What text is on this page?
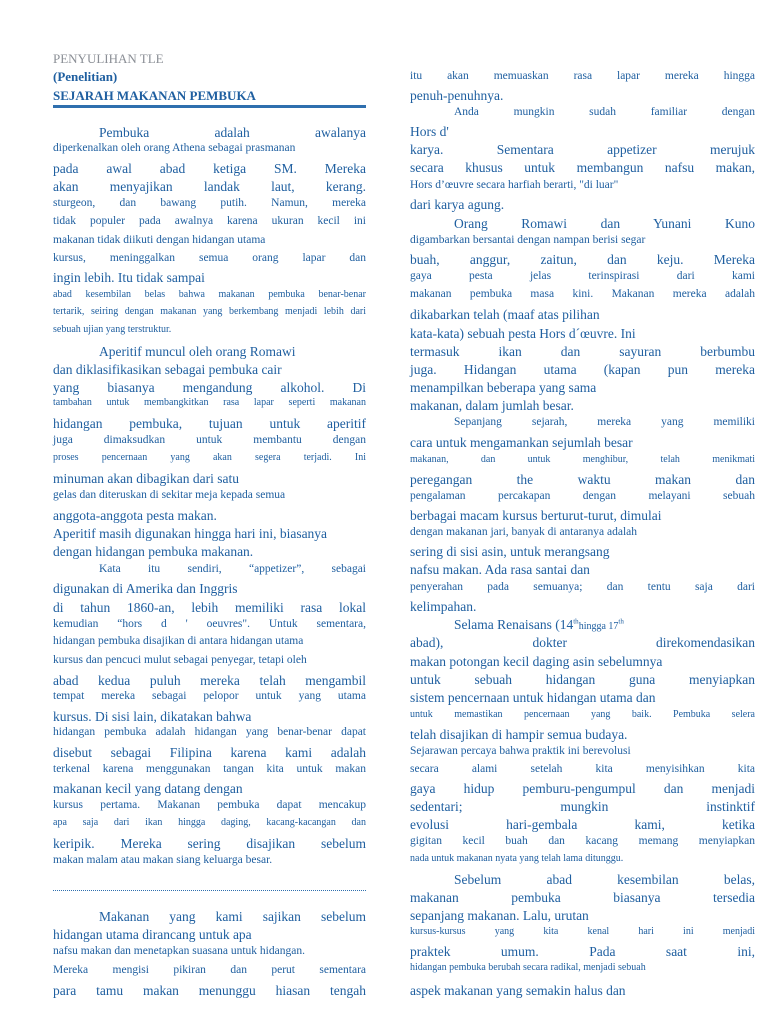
PENYULIHAN TLE
(Penelitian)
SEJARAH MAKANAN PEMBUKA
Pembuka adalah awalanya
diperkenalkan oleh orang Athena sebagai prasmanan
pada awal abad ketiga SM. Mereka
akan menyajikan landak laut, kerang.
sturgeon, dan bawang putih. Namun, mereka
tidak populer pada awalnya karena ukuran kecil ini
makanan tidak diikuti dengan hidangan utama
kursus, meninggalkan semua orang lapar dan
ingin lebih. Itu tidak sampai
abad kesembilan belas bahwa makanan pembuka benar-benar
tertarik, seiring dengan makanan yang berkembang menjadi lebih dari
sebuah ujian yang terstruktur.
Aperitif muncul oleh orang Romawi
dan diklasifikasikan sebagai pembuka cair
yang biasanya mengandung alkohol. Di
tambahan untuk membangkitkan rasa lapar seperti makanan
hidangan pembuka, tujuan untuk aperitif
juga dimaksudkan untuk membantu dengan
proses pencernaan yang akan segera terjadi. Ini
minuman akan dibagikan dari satu
gelas dan diteruskan di sekitar meja kepada semua
anggota-anggota pesta makan.
Aperitif masih digunakan hingga hari ini, biasanya
dengan hidangan pembuka makanan.
Kata itu sendiri, “appetizer”, sebagai
digunakan di Amerika dan Inggris
di tahun 1860-an, lebih memiliki rasa lokal
kemudian “hors d ' oeuvres". Untuk sementara,
hidangan pembuka disajikan di antara hidangan utama
kursus dan pencuci mulut sebagai penyegar, tetapi oleh
abad kedua puluh mereka telah mengambil
tempat mereka sebagai pelopor untuk yang utama
kursus. Di sisi lain, dikatakan bahwa
hidangan pembuka adalah hidangan yang benar-benar dapat
disebut sebagai Filipina karena kami adalah
terkenal karena menggunakan tangan kita untuk makan
makanan kecil yang datang dengan
kursus pertama. Makanan pembuka dapat mencakup
apa saja dari ikan hingga daging, kacang-kacangan dan
keripik. Mereka sering disajikan sebelum
makan malam atau makan siang keluarga besar.
Makanan yang kami sajikan sebelum
hidangan utama dirancang untuk apa
nafsu makan dan menetapkan suasana untuk hidangan.
Mereka mengisi pikiran dan perut sementara
para tamu makan menunggu hiasan tengah
itu akan memuaskan rasa lapar mereka hingga
penuh-penuhnya.
Anda mungkin sudah familiar dengan
Hors d'
karya. Sementara appetizer merujuk
secara khusus untuk membangun nafsu makan,
Hors d’œuvre secara harfiah berarti, "di luar"
dari karya agung.
Orang Romawi dan Yunani Kuno
digambarkan bersantai dengan nampan berisi segar
buah, anggur, zaitun, dan keju. Mereka
gaya pesta jelas terinspirasi dari kami
makanan pembuka masa kini. Makanan mereka adalah
dikabarkan telah (maaf atas pilihan
kata-kata) sebuah pesta Hors d´œuvre. Ini
termasuk ikan dan sayuran berbumbu
juga. Hidangan utama (kapan pun mereka
menampilkan beberapa yang sama
makanan, dalam jumlah besar.
Sepanjang sejarah, mereka yang memiliki
cara untuk mengamankan sejumlah besar
makanan, dan untuk menghibur, telah menikmati
peregangan the waktu makan dan
pengalaman percakapan dengan melayani sebuah
berbagai macam kursus berturut-turut, dimulai
dengan makanan jari, banyak di antaranya adalah
sering di sisi asin, untuk merangsang
nafsu makan. Ada rasa santai dan
penyerahan pada semuanya; dan tentu saja dari
kelimpahan.
Selama Renaisans (14thhingga 17th
abad), dokter direkomendasikan
makan potongan kecil daging asin sebelumnya
untuk sebuah hidangan guna menyiapkan
sistem pencernaan untuk hidangan utama dan
untuk memastikan pencernaan yang baik. Pembuka selera
telah disajikan di hampir semua budaya.
Sejarawan percaya bahwa praktik ini berevolusi
secara alami setelah kita menyisihkan kita
gaya hidup pemburu-pengumpul dan menjadi
sedentari; mungkin instinktif
evolusi hari-gembala kami, ketika
gigitan kecil buah dan kacang memang menyiapkan
nada untuk makanan nyata yang telah lama ditunggu.
Sebelum abad kesembilan belas,
makanan pembuka biasanya tersedia
sepanjang makanan. Lalu, urutan
kursus-kursus yang kita kenal hari ini menjadi
praktek umum. Pada saat ini,
hidangan pembuka berubah secara radikal, menjadi sebuah
aspek makanan yang semakin halus dan
